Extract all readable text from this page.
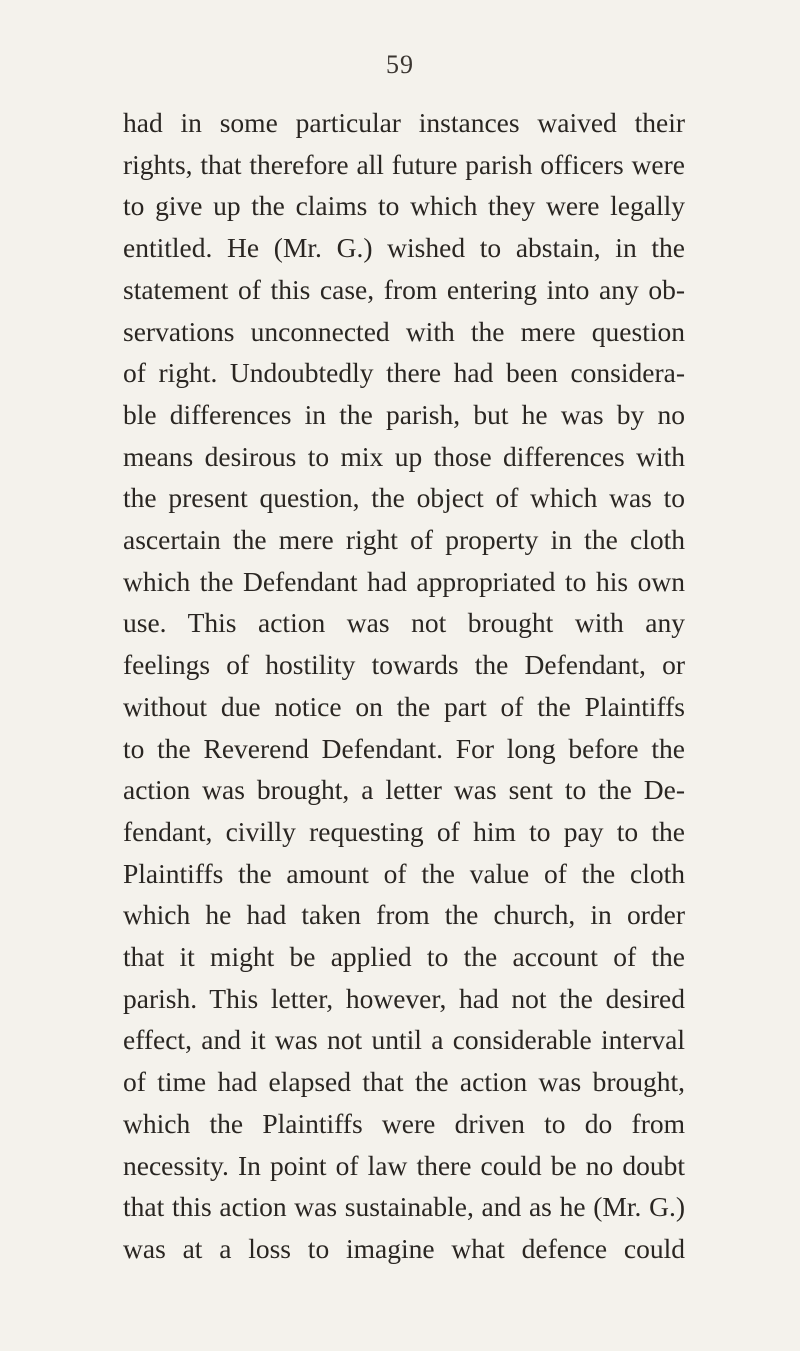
59
had in some particular instances waived their
rights, that therefore all future parish officers were
to give up the claims to which they were legally
entitled. He (Mr. G.) wished to abstain, in the
statement of this case, from entering into any ob-
servations unconnected with the mere question
of right. Undoubtedly there had been considera-
ble differences in the parish, but he was by no
means desirous to mix up those differences with
the present question, the object of which was to
ascertain the mere right of property in the cloth
which the Defendant had appropriated to his own
use. This action was not brought with any
feelings of hostility towards the Defendant, or
without due notice on the part of the Plaintiffs
to the Reverend Defendant. For long before the
action was brought, a letter was sent to the De-
fendant, civilly requesting of him to pay to the
Plaintiffs the amount of the value of the cloth
which he had taken from the church, in order
that it might be applied to the account of the
parish. This letter, however, had not the desired
effect, and it was not until a considerable interval
of time had elapsed that the action was brought,
which the Plaintiffs were driven to do from
necessity. In point of law there could be no doubt
that this action was sustainable, and as he (Mr. G.)
was at a loss to imagine what defence could
